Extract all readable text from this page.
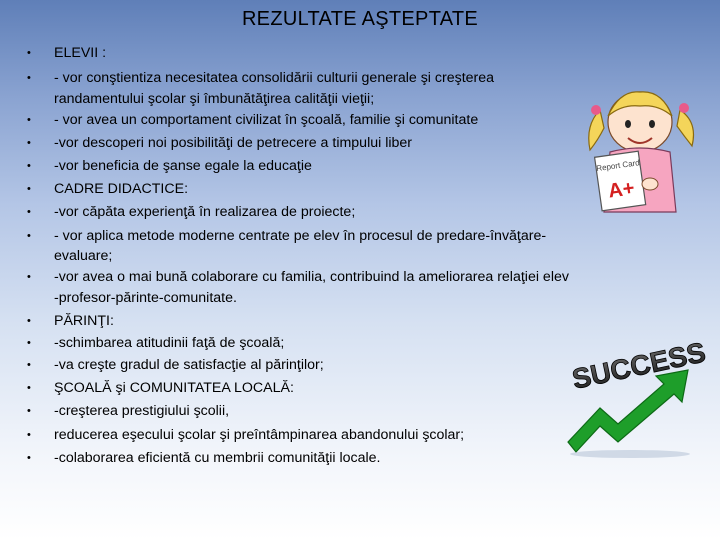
REZULTATE AŞTEPTATE
• ELEVII :
• - vor conştientiza necesitatea consolidării culturii generale şi creşterea
randamentului şcolar şi îmbunătăţirea calităţii vieţii;
• - vor avea un comportament civilizat în şcoală, familie şi comunitate
• -vor descoperi noi posibilităţi de petrecere a timpului liber
• -vor beneficia de şanse egale la educaţie
• CADRE DIDACTICE:
• -vor căpăta experienţă în realizarea de proiecte;
• - vor aplica metode moderne centrate pe elev în procesul de predare-învăţare-
evaluare;
• -vor avea o mai bună colaborare cu familia, contribuind la ameliorarea relaţiei elev
-profesor-părinte-comunitate.
• PĂRINŢI:
• -schimbarea atitudinii faţă de şcoală;
• -va creşte gradul de satisfacţie al părinţilor;
• ŞCOALĂ şi COMUNITATEA LOCALĂ:
• -creşterea prestigiului şcolii,
• reducerea eşecului şcolar şi preîntâmpinarea abandonului şcolar;
• -colaborarea eficientă cu membrii comunităţii locale.
Report Card
A+
SUCCESS
